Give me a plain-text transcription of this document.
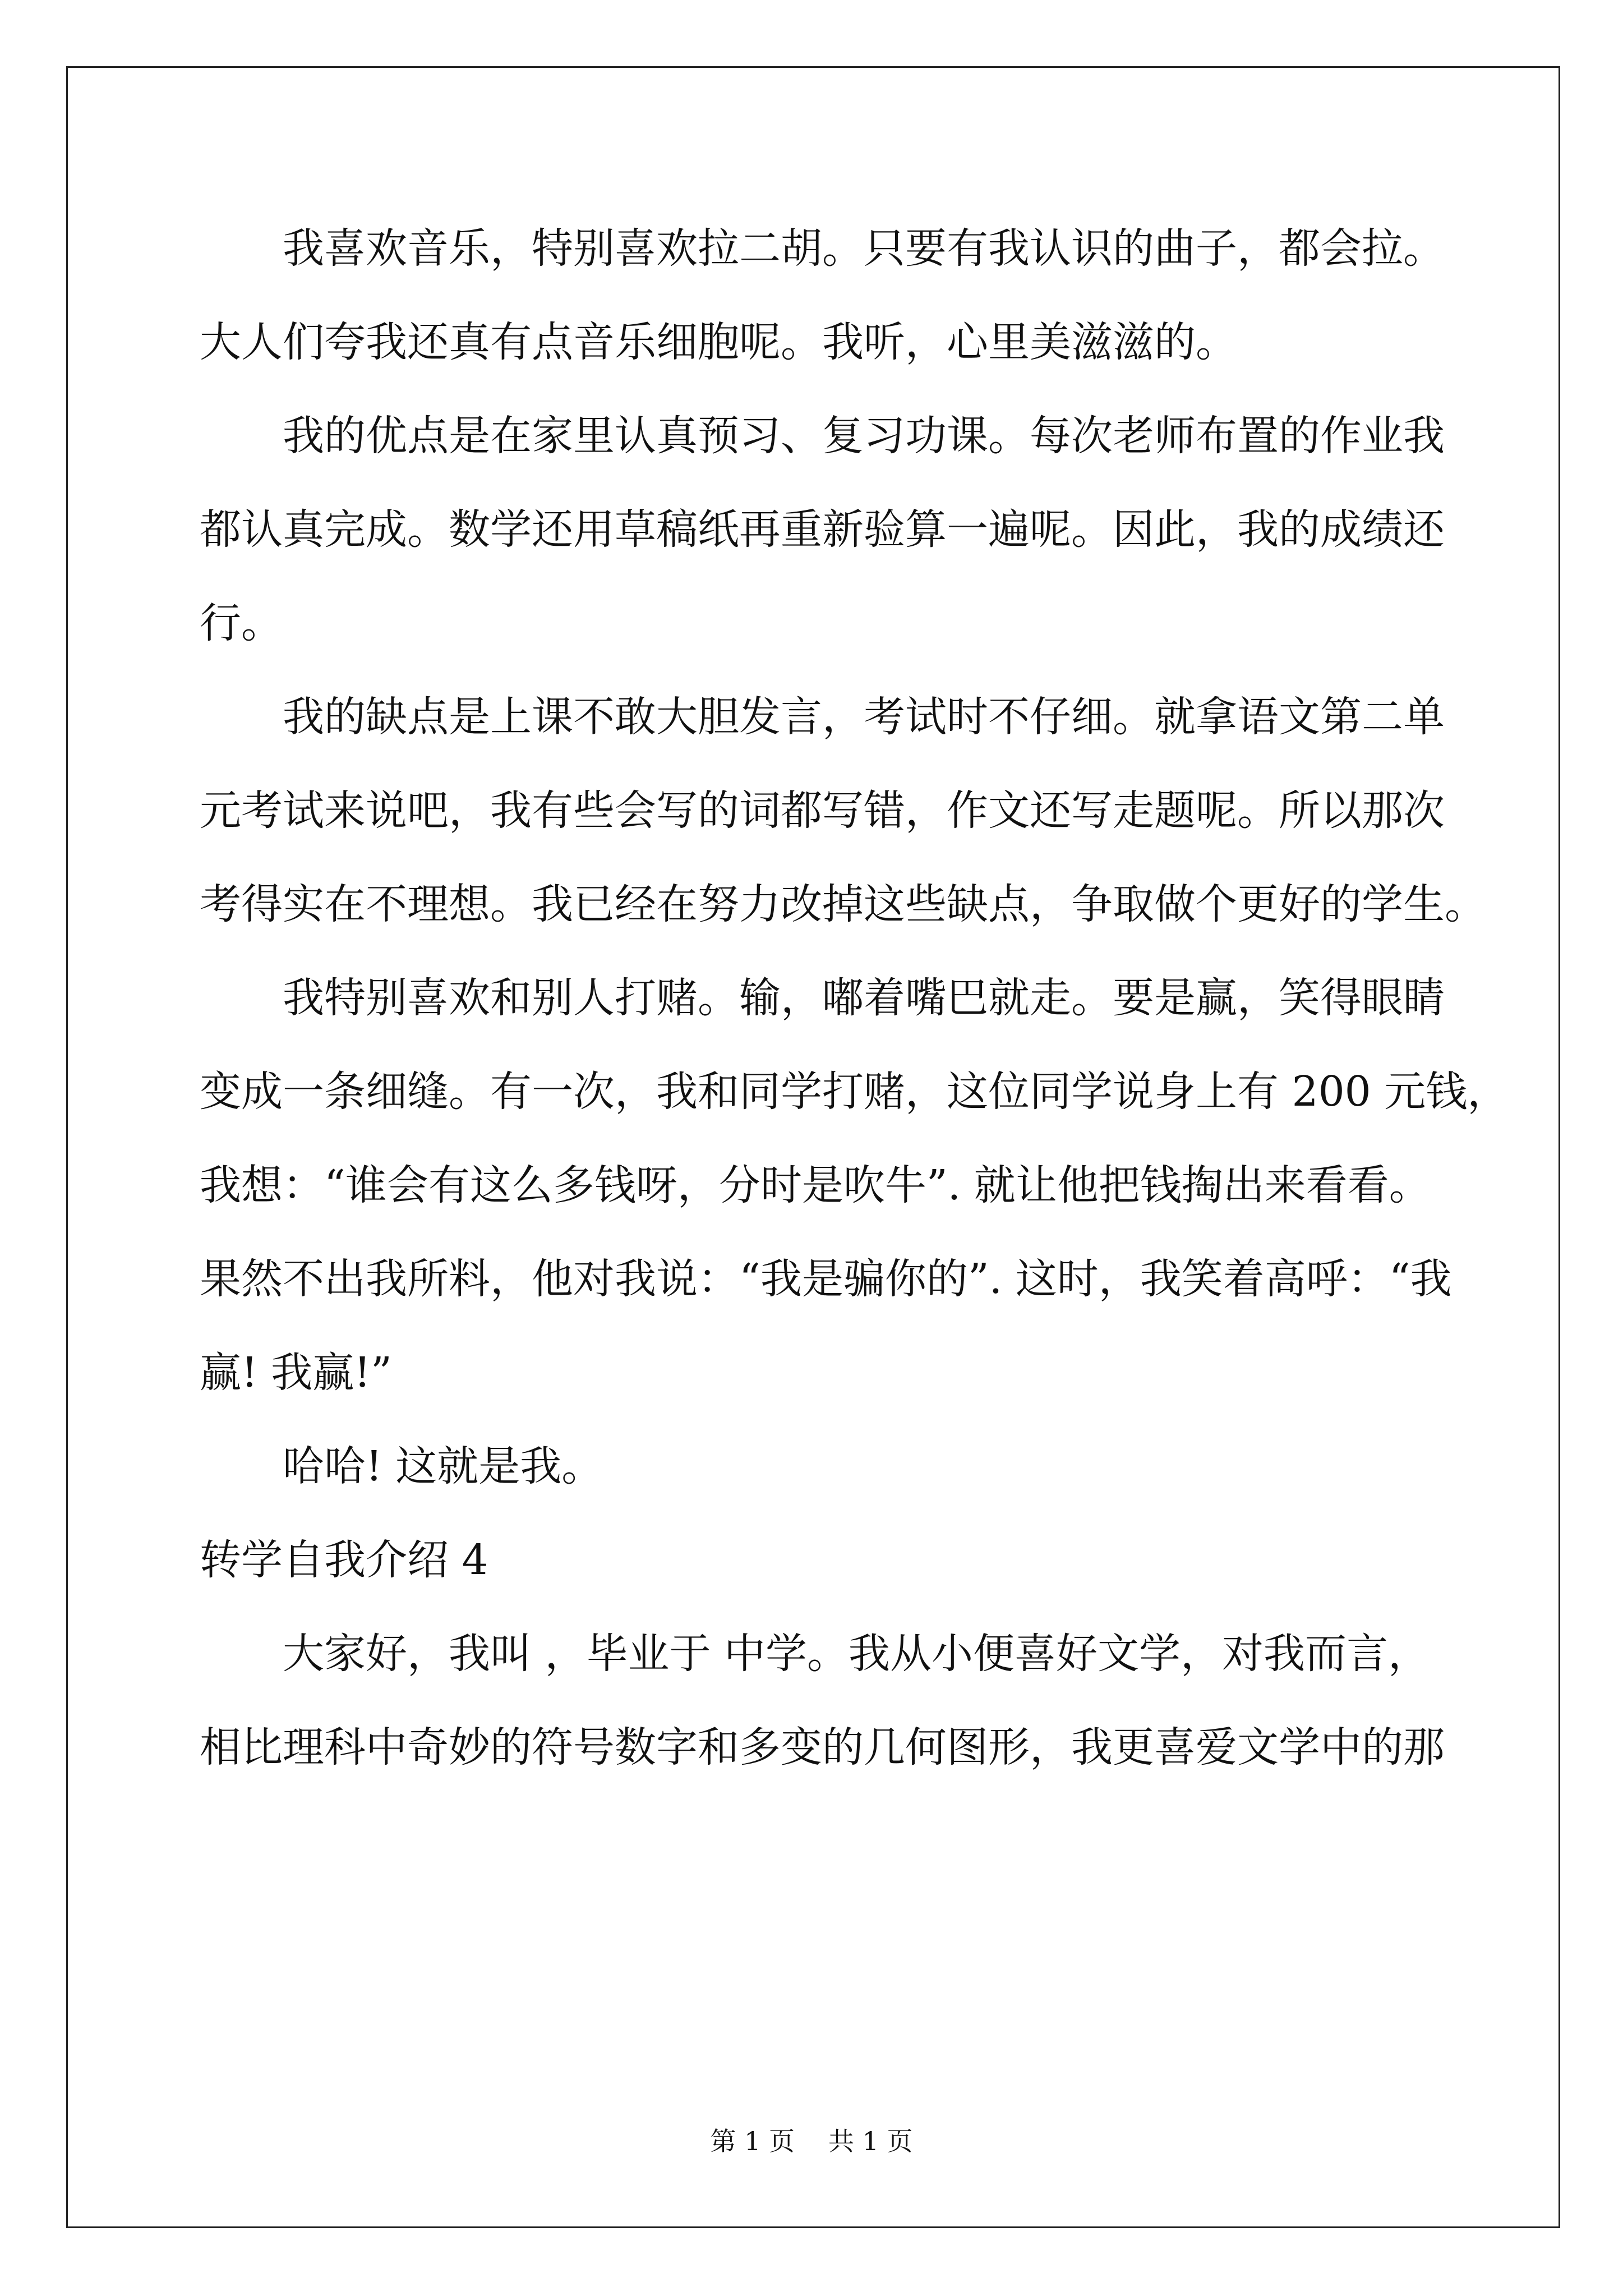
我喜欢音乐，特别喜欢拉二胡。只要有我认识的曲子，都会拉。
大人们夸我还真有点音乐细胞呢。我听，心里美滋滋的。
我的优点是在家里认真预习、复习功课。每次老师布置的作业我
都认真完成。数学还用草稿纸再重新验算一遍呢。因此，我的成绩还
行。
我的缺点是上课不敢大胆发言，考试时不仔细。就拿语文第二单
元考试来说吧，我有些会写的词都写错，作文还写走题呢。所以那次
考得实在不理想。我已经在努力改掉这些缺点，争取做个更好的学生。
我特别喜欢和别人打赌。输，嘟着嘴巴就走。要是赢，笑得眼睛
变成一条细缝。有一次，我和同学打赌，这位同学说身上有 200 元钱，
我想：“谁会有这么多钱呀，分时是吹牛”. 就让他把钱掏出来看看。
果然不出我所料，他对我说：“我是骗你的”. 这时，我笑着高呼：“我
赢! 我赢!”
哈哈! 这就是我。
转学自我介绍 4
大家好，我叫 ，毕业于 中学。我从小便喜好文学，对我而言，
相比理科中奇妙的符号数字和多变的几何图形，我更喜爱文学中的那
第 1 页 共 1 页
